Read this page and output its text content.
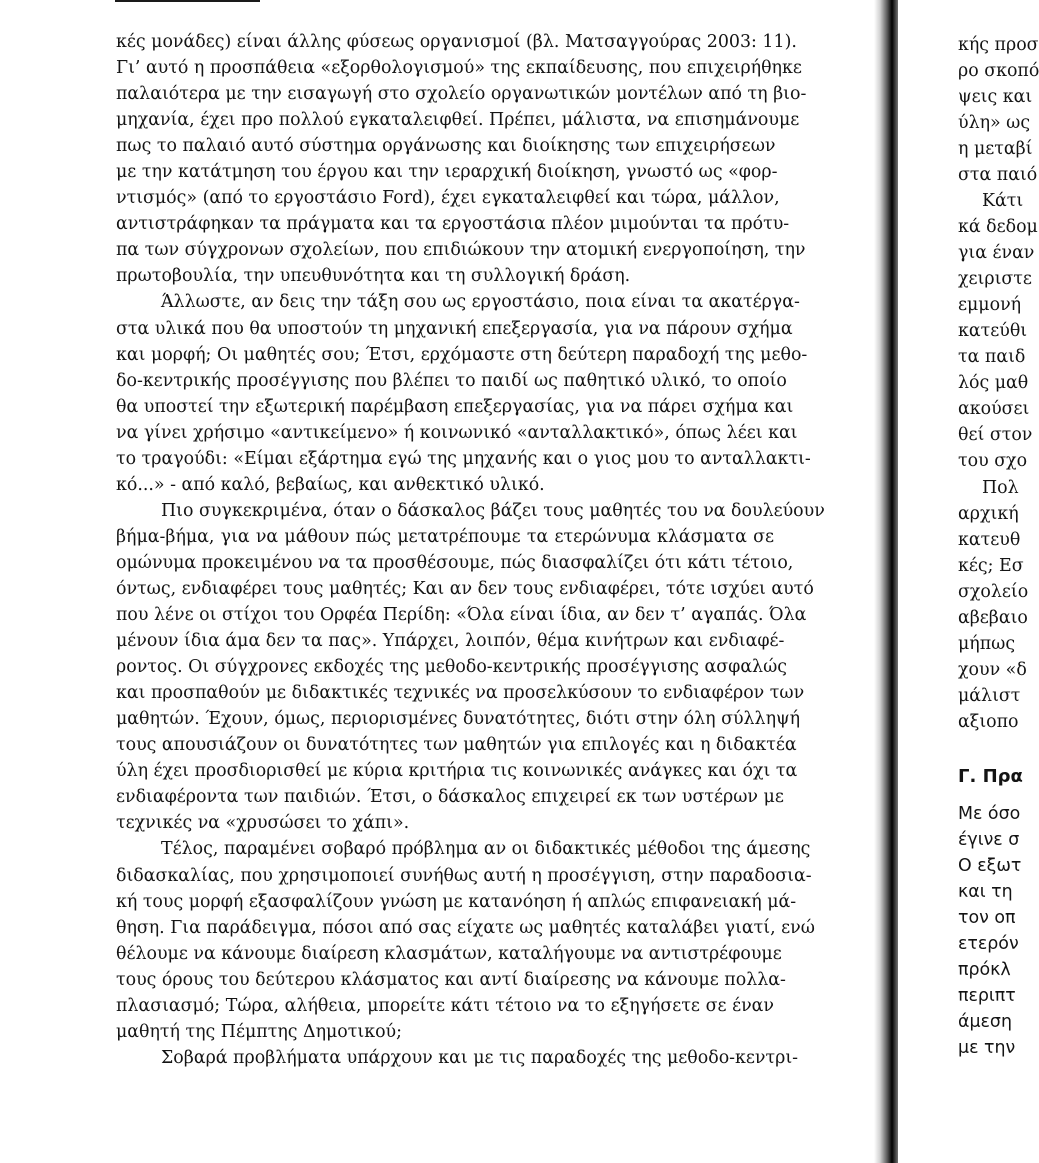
κές μονάδες) είναι άλλης φύσεως οργανισμοί (βλ. Ματσαγγούρας 2003: 11).
Γι’ αυτό η προσπάθεια «εξορθολογισμού» της εκπαίδευσης, που επιχειρήθηκε
παλαιότερα με την εισαγωγή στο σχολείο οργανωτικών μοντέλων από τη βιο-
μηχανία, έχει προ πολλού εγκαταλειφθεί. Πρέπει, μάλιστα, να επισημάνουμε
πως το παλαιό αυτό σύστημα οργάνωσης και διοίκησης των επιχειρήσεων
με την κατάτμηση του έργου και την ιεραρχική διοίκηση, γνωστό ως «φορ-
ντισμός» (από το εργοστάσιο Ford), έχει εγκαταλειφθεί και τώρα, μάλλον,
αντιστράφηκαν τα πράγματα και τα εργοστάσια πλέον μιμούνται τα πρότυ-
πα των σύγχρονων σχολείων, που επιδιώκουν την ατομική ενεργοποίηση, την
πρωτοβουλία, την υπευθυνότητα και τη συλλογική δράση.
Άλλωστε, αν δεις την τάξη σου ως εργοστάσιο, ποια είναι τα ακατέργα-
στα υλικά που θα υποστούν τη μηχανική επεξεργασία, για να πάρουν σχήμα
και μορφή; Οι μαθητές σου; Έτσι, ερχόμαστε στη δεύτερη παραδοχή της μεθο-
δο-κεντρικής προσέγγισης που βλέπει το παιδί ως παθητικό υλικό, το οποίο
θα υποστεί την εξωτερική παρέμβαση επεξεργασίας, για να πάρει σχήμα και
να γίνει χρήσιμο «αντικείμενο» ή κοινωνικό «ανταλλακτικό», όπως λέει και
το τραγούδι: «Είμαι εξάρτημα εγώ της μηχανής και ο γιος μου το ανταλλακτι-
κό...» - από καλό, βεβαίως, και ανθεκτικό υλικό.
Πιο συγκεκριμένα, όταν ο δάσκαλος βάζει τους μαθητές του να δουλεύουν
βήμα-βήμα, για να μάθουν πώς μετατρέπουμε τα ετερώνυμα κλάσματα σε
ομώνυμα προκειμένου να τα προσθέσουμε, πώς διασφαλίζει ότι κάτι τέτοιο,
όντως, ενδιαφέρει τους μαθητές; Και αν δεν τους ενδιαφέρει, τότε ισχύει αυτό
που λένε οι στίχοι του Ορφέα Περίδη: «Όλα είναι ίδια, αν δεν τ’ αγαπάς. Όλα
μένουν ίδια άμα δεν τα πας». Υπάρχει, λοιπόν, θέμα κινήτρων και ενδιαφέ-
ροντος. Οι σύγχρονες εκδοχές της μεθοδο-κεντρικής προσέγγισης ασφαλώς
και προσπαθούν με διδακτικές τεχνικές να προσελκύσουν το ενδιαφέρον των
μαθητών. Έχουν, όμως, περιορισμένες δυνατότητες, διότι στην όλη σύλληψή
τους απουσιάζουν οι δυνατότητες των μαθητών για επιλογές και η διδακτέα
ύλη έχει προσδιορισθεί με κύρια κριτήρια τις κοινωνικές ανάγκες και όχι τα
ενδιαφέροντα των παιδιών. Έτσι, ο δάσκαλος επιχειρεί εκ των υστέρων με
τεχνικές να «χρυσώσει το χάπι».
Τέλος, παραμένει σοβαρό πρόβλημα αν οι διδακτικές μέθοδοι της άμεσης
διδασκαλίας, που χρησιμοποιεί συνήθως αυτή η προσέγγιση, στην παραδοσια-
κή τους μορφή εξασφαλίζουν γνώση με κατανόηση ή απλώς επιφανειακή μά-
θηση. Για παράδειγμα, πόσοι από σας είχατε ως μαθητές καταλάβει γιατί, ενώ
θέλουμε να κάνουμε διαίρεση κλασμάτων, καταλήγουμε να αντιστρέφουμε
τους όρους του δεύτερου κλάσματος και αντί διαίρεσης να κάνουμε πολλα-
πλασιασμό; Τώρα, αλήθεια, μπορείτε κάτι τέτοιο να το εξηγήσετε σε έναν
μαθητή της Πέμπτης Δημοτικού;
Σοβαρά προβλήματα υπάρχουν και με τις παραδοχές της μεθοδο-κεντρι-
κής προσ
ρο σκοπό
ψεις και
ύλη» ως
η μεταβί
στα παιό
Κάτι
κά δεδομ
για έναν
χειριστε
εμμονή
κατεύθι
τα παιδ
λός μαθ
ακούσει
θεί στον
του σχο
Πολ
αρχική
κατευθ
κές; Εσ
σχολείο
αβεβαιο
μήπως
χουν «δ
μάλιστ
αξιοπο
Γ. Πρα
Με όσο
έγινε σ
Ο εξωτ
και τη
τον οπ
ετερόν
πρόκλ
περιπτ
άμεση
με την
